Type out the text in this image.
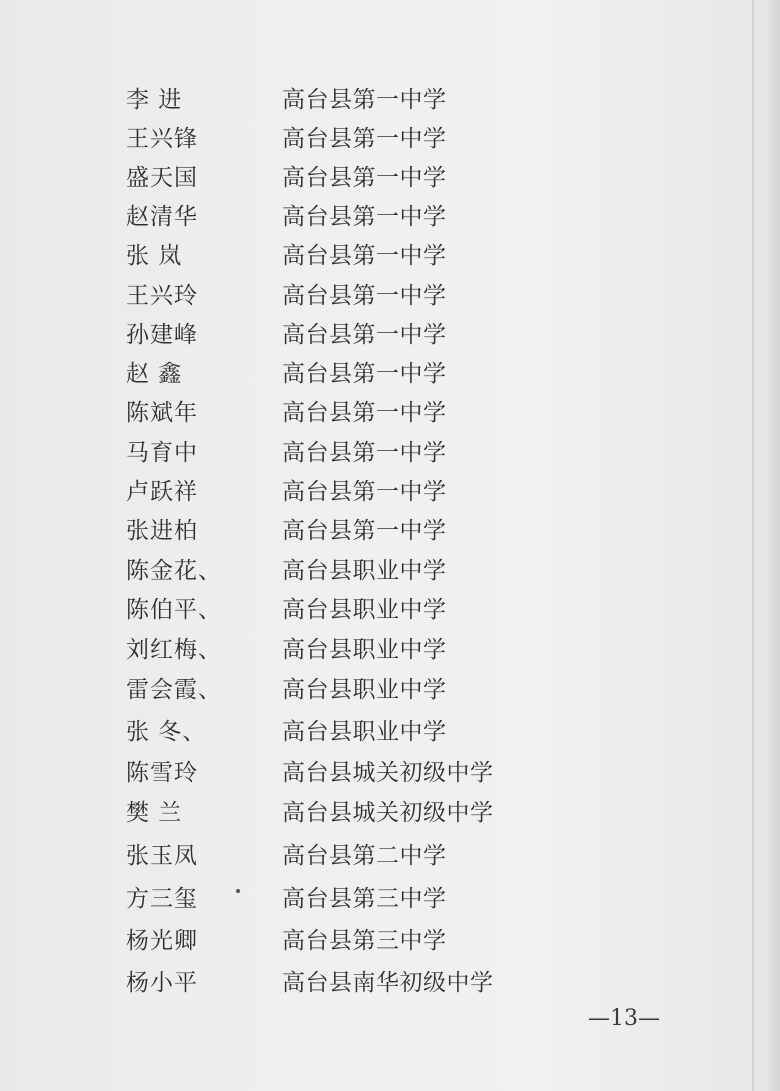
李 进	高台县第一中学
王兴锋	高台县第一中学
盛天国	高台县第一中学
赵清华	高台县第一中学
张 岚	高台县第一中学
王兴玲	高台县第一中学
孙建峰	高台县第一中学
赵 鑫	高台县第一中学
陈斌年	高台县第一中学
马育中	高台县第一中学
卢跃祥	高台县第一中学
张进柏	高台县第一中学
陈金花、	高台县职业中学
陈伯平、	高台县职业中学
刘红梅、	高台县职业中学
雷会霞、	高台县职业中学
张 冬、	高台县职业中学
陈雪玲	高台县城关初级中学
樊 兰	高台县城关初级中学
张玉凤	高台县第二中学
方三玺	高台县第三中学
杨光卿	高台县第三中学
杨小平	高台县南华初级中学
—13—
